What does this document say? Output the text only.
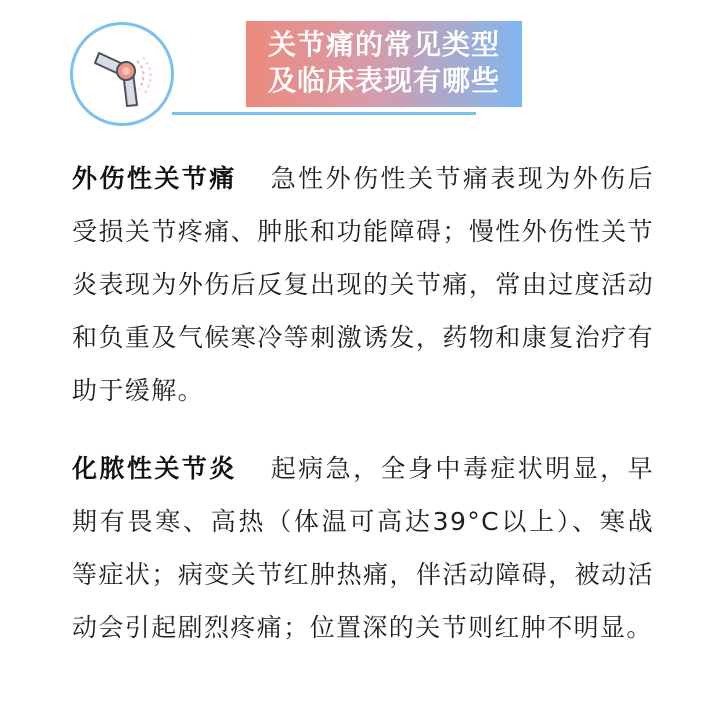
关节痛的常见类型
及临床表现有哪些

外伤性关节痛 急性外伤性关节痛表现为外伤后受损关节疼痛、肿胀和功能障碍；慢性外伤性关节炎表现为外伤后反复出现的关节痛，常由过度活动和负重及气候寒冷等刺激诱发，药物和康复治疗有助于缓解。

化脓性关节炎 起病急，全身中毒症状明显，早期有畏寒、高热（体温可高达39°C以上）、寒战等症状；病变关节红肿热痛，伴活动障碍，被动活动会引起剧烈疼痛；位置深的关节则红肿不明显。
